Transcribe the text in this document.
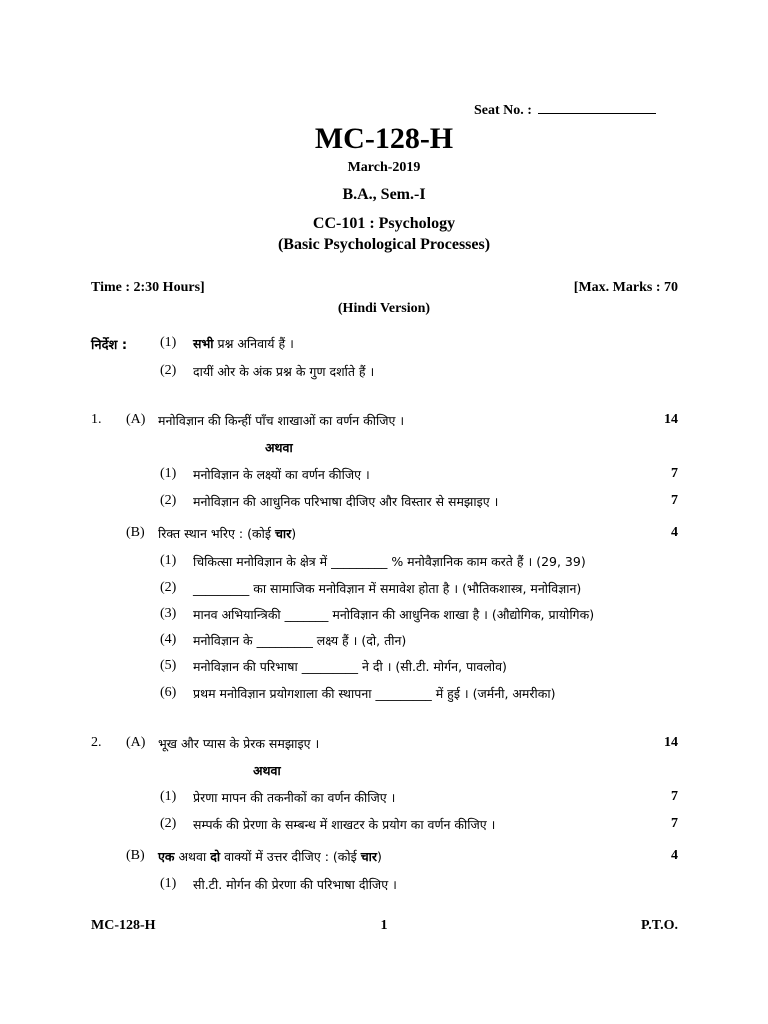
Seat No. :
MC-128-H
March-2019
B.A., Sem.-I
CC-101 : Psychology
(Basic Psychological Processes)
Time : 2:30 Hours]	[Max. Marks : 70
(Hindi Version)
निर्देश : (1) सभी प्रश्न अनिवार्य हैं ।
(2) दायीं ओर के अंक प्रश्न के गुण दर्शाते हैं ।
1. (A) मनोविज्ञान की किन्हीं पाँच शाखाओं का वर्णन कीजिए ।	14
अथवा
(1) मनोविज्ञान के लक्ष्यों का वर्णन कीजिए ।	7
(2) मनोविज्ञान की आधुनिक परिभाषा दीजिए और विस्तार से समझाइए ।	7
(B) रिक्त स्थान भरिए : (कोई चार)	4
(1) चिकित्सा मनोविज्ञान के क्षेत्र में _________ % मनोवैज्ञानिक काम करते हैं । (29, 39)
(2) _________ का सामाजिक मनोविज्ञान में समावेश होता है । (भौतिकशास्त्र, मनोविज्ञान)
(3) मानव अभियान्त्रिकी _______ मनोविज्ञान की आधुनिक शाखा है । (औद्योगिक, प्रायोगिक)
(4) मनोविज्ञान के _________ लक्ष्य हैं । (दो, तीन)
(5) मनोविज्ञान की परिभाषा _________ ने दी । (सी.टी. मोर्गन, पावलोव)
(6) प्रथम मनोविज्ञान प्रयोगशाला की स्थापना _________ में हुई । (जर्मनी, अमरीका)
2. (A) भूख और प्यास के प्रेरक समझाइए ।	14
अथवा
(1) प्रेरणा मापन की तकनीकों का वर्णन कीजिए ।	7
(2) सम्पर्क की प्रेरणा के सम्बन्ध में शाखटर के प्रयोग का वर्णन कीजिए ।	7
(B) एक अथवा दो वाक्यों में उत्तर दीजिए : (कोई चार)	4
(1) सी.टी. मोर्गन की प्रेरणा की परिभाषा दीजिए ।
MC-128-H	1	P.T.O.
